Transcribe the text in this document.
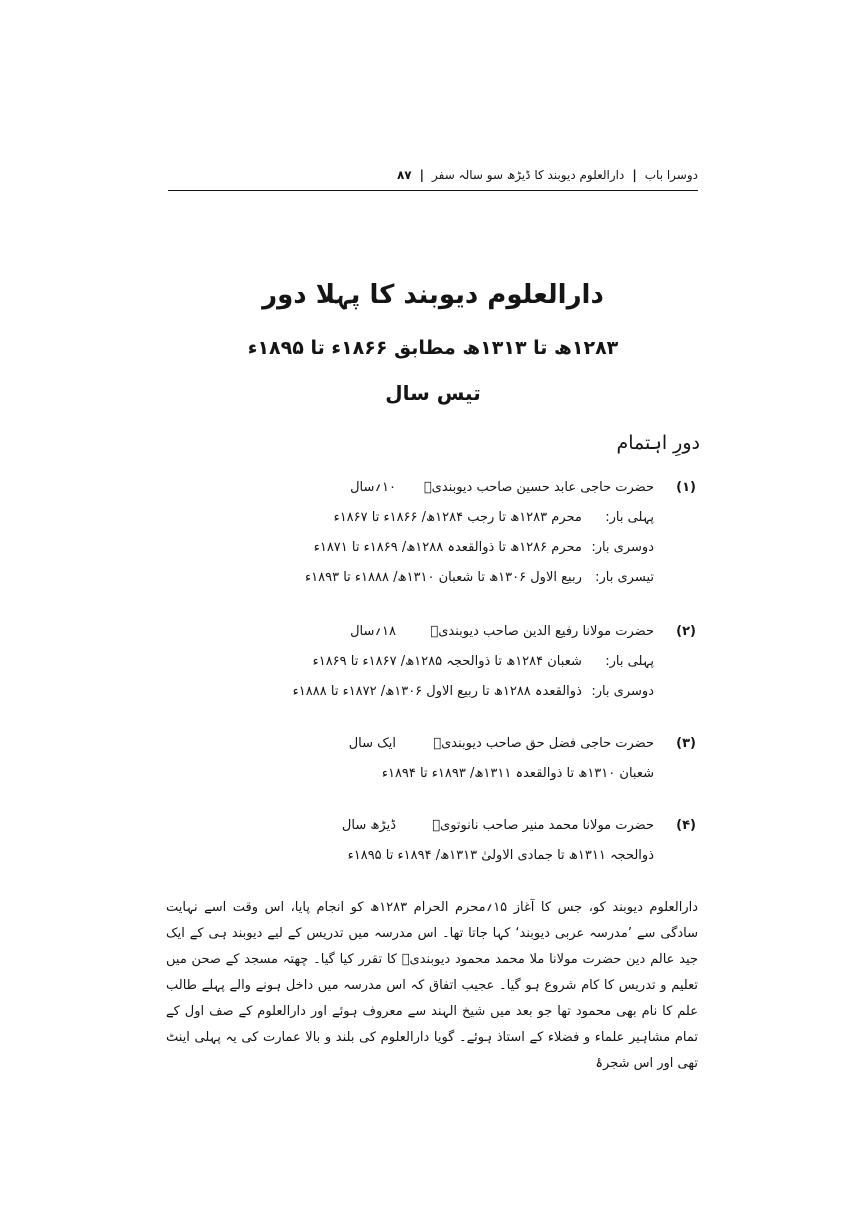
دوسرا باب
|
دارالعلوم دیوبند کا ڈیڑھ سو سالہ سفر
|
۸۷
دارالعلوم دیوبند کا پہلا دور
۱۲۸۳ھ تا ۱۳۱۳ھ مطابق ۱۸۶۶ء تا ۱۸۹۵ء
تیس سال
دورِ اہتمام
(۱)
حضرت حاجی عابد حسین صاحب دیوبندیؒ
۱۰؍سال
پہلی بار: محرم ۱۲۸۳ھ تا رجب ۱۲۸۴ھ/ ۱۸۶۶ء تا ۱۸۶۷ء
دوسری بار: محرم ۱۲۸۶ھ تا ذوالقعدہ ۱۲۸۸ھ/ ۱۸۶۹ء تا ۱۸۷۱ء
تیسری بار: ربیع الاول ۱۳۰۶ھ تا شعبان ۱۳۱۰ھ/ ۱۸۸۸ء تا ۱۸۹۳ء
(۲)
حضرت مولانا رفیع الدین صاحب دیوبندیؒ
۱۸؍سال
پہلی بار: شعبان ۱۲۸۴ھ تا ذوالحجہ ۱۲۸۵ھ/ ۱۸۶۷ء تا ۱۸۶۹ء
دوسری بار: ذوالقعدہ ۱۲۸۸ھ تا ربیع الاول ۱۳۰۶ھ/ ۱۸۷۲ء تا ۱۸۸۸ء
(۳)
حضرت حاجی فضل حق صاحب دیوبندیؒ
ایک سال
شعبان ۱۳۱۰ھ تا ذوالقعدہ ۱۳۱۱ھ/ ۱۸۹۳ء تا ۱۸۹۴ء
(۴)
حضرت مولانا محمد منیر صاحب نانوتویؒ
ڈیڑھ سال
ذوالحجہ ۱۳۱۱ھ تا جمادی الاولیٰ ۱۳۱۳ھ/ ۱۸۹۴ء تا ۱۸۹۵ء

دارالعلوم دیوبند کو، جس کا آغاز ۱۵؍محرم الحرام ۱۲۸۳ھ کو انجام پایا، اس وقت اسے نہایت سادگی سے ’مدرسہ عربی دیوبند‘ کہا جاتا تھا۔ اس مدرسہ میں تدریس کے لیے دیوبند ہی کے ایک جید عالم دین حضرت مولانا ملا محمد محمود دیوبندیؒ کا تقرر کیا گیا۔ چھتہ مسجد کے صحن میں تعلیم و تدریس کا کام شروع ہو گیا۔ عجیب اتفاق کہ اس مدرسہ میں داخل ہونے والے پہلے طالب علم کا نام بھی محمود تھا جو بعد میں شیخ الہند سے معروف ہوئے اور دارالعلوم کے صف اول کے تمام مشاہیر علماء و فضلاء کے استاذ ہوئے۔ گویا دارالعلوم کی بلند و بالا عمارت کی یہ پہلی اینٹ تھی اور اس شجرۂ
